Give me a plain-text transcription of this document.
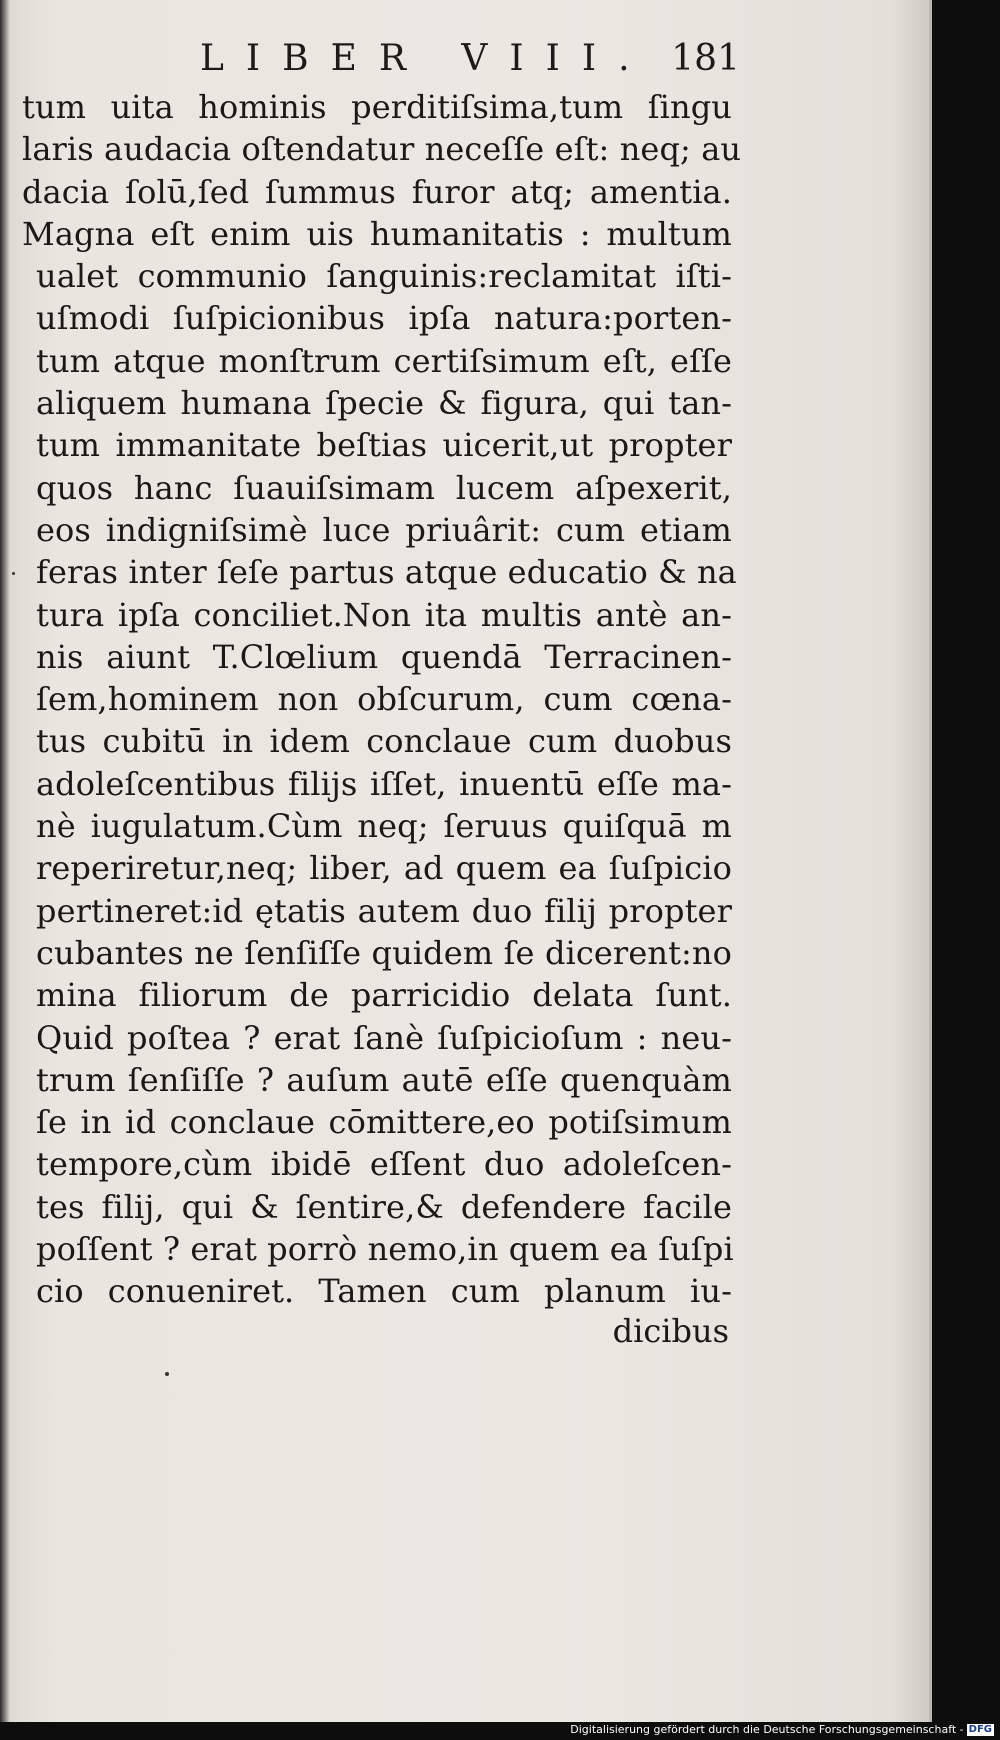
LIBER VIII. 181
tum uita hominis perditiſsima,tum ſingu
laris audacia oſtendatur neceſſe eſt: neq; au
dacia ſolū,ſed ſummus furor atq; amentia.
Magna eſt enim uis humanitatis : multum
ualet communio ſanguinis:reclamitat iſti-
uſmodi ſuſpicionibus ipſa natura:porten-
tum atque monſtrum certiſsimum eſt, eſſe
aliquem humana ſpecie & figura, qui tan-
tum immanitate beſtias uicerit,ut propter
quos hanc ſuauiſsimam lucem aſpexerit,
eos indigniſsimè luce priuârit: cum etiam
feras inter ſeſe partus atque educatio & na
tura ipſa conciliet.Non ita multis antè an-
nis aiunt T.Clœlium quendā Terracinen-
ſem,hominem non obſcurum, cum cœna-
tus cubitū in idem conclaue cum duobus
adoleſcentibus filijs iſſet, inuentū eſſe ma-
nè iugulatum.Cùm neq; ſeruus quiſquā m
reperiretur,neq; liber, ad quem ea ſuſpicio
pertineret:id ętatis autem duo filij propter
cubantes ne ſenſiſſe quidem ſe dicerent:no
mina filiorum de parricidio delata ſunt.
Quid poſtea ? erat ſanè ſuſpicioſum : neu-
trum ſenſiſſe ? auſum autē eſſe quenquàm
ſe in id conclaue cōmittere,eo potiſsimum
tempore,cùm ibidē eſſent duo adoleſcen-
tes filij, qui & ſentire,& defendere facile
poſſent ? erat porrò nemo,in quem ea ſuſpi
cio conueniret. Tamen cum planum iu-
dicibus
Digitalisierung gefördert durch die Deutsche Forschungsgemeinschaft - DFG
